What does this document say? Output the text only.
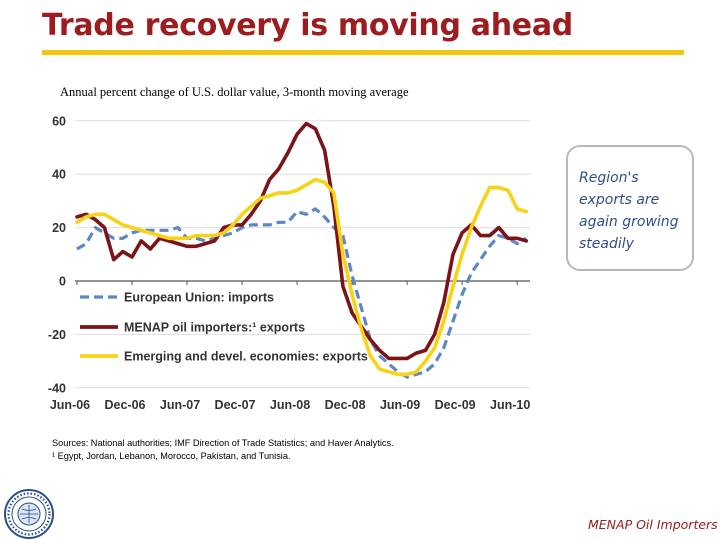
Trade recovery is moving ahead
Annual percent change of U.S. dollar value, 3-month moving average
-40
-20
0
20
40
60
Jun-06 Dec-06 Jun-07 Dec-07 Jun-08 Dec-08 Jun-09 Dec-09 Jun-10
European Union: imports
MENAP oil importers:¹ exports
Emerging and devel. economies: exports
Region's exports are again growing steadily
Sources: National authorities; IMF Direction of Trade Statistics; and Haver Analytics.
¹ Egypt, Jordan, Lebanon, Morocco, Pakistan, and Tunisia.
MENAP Oil Importers
